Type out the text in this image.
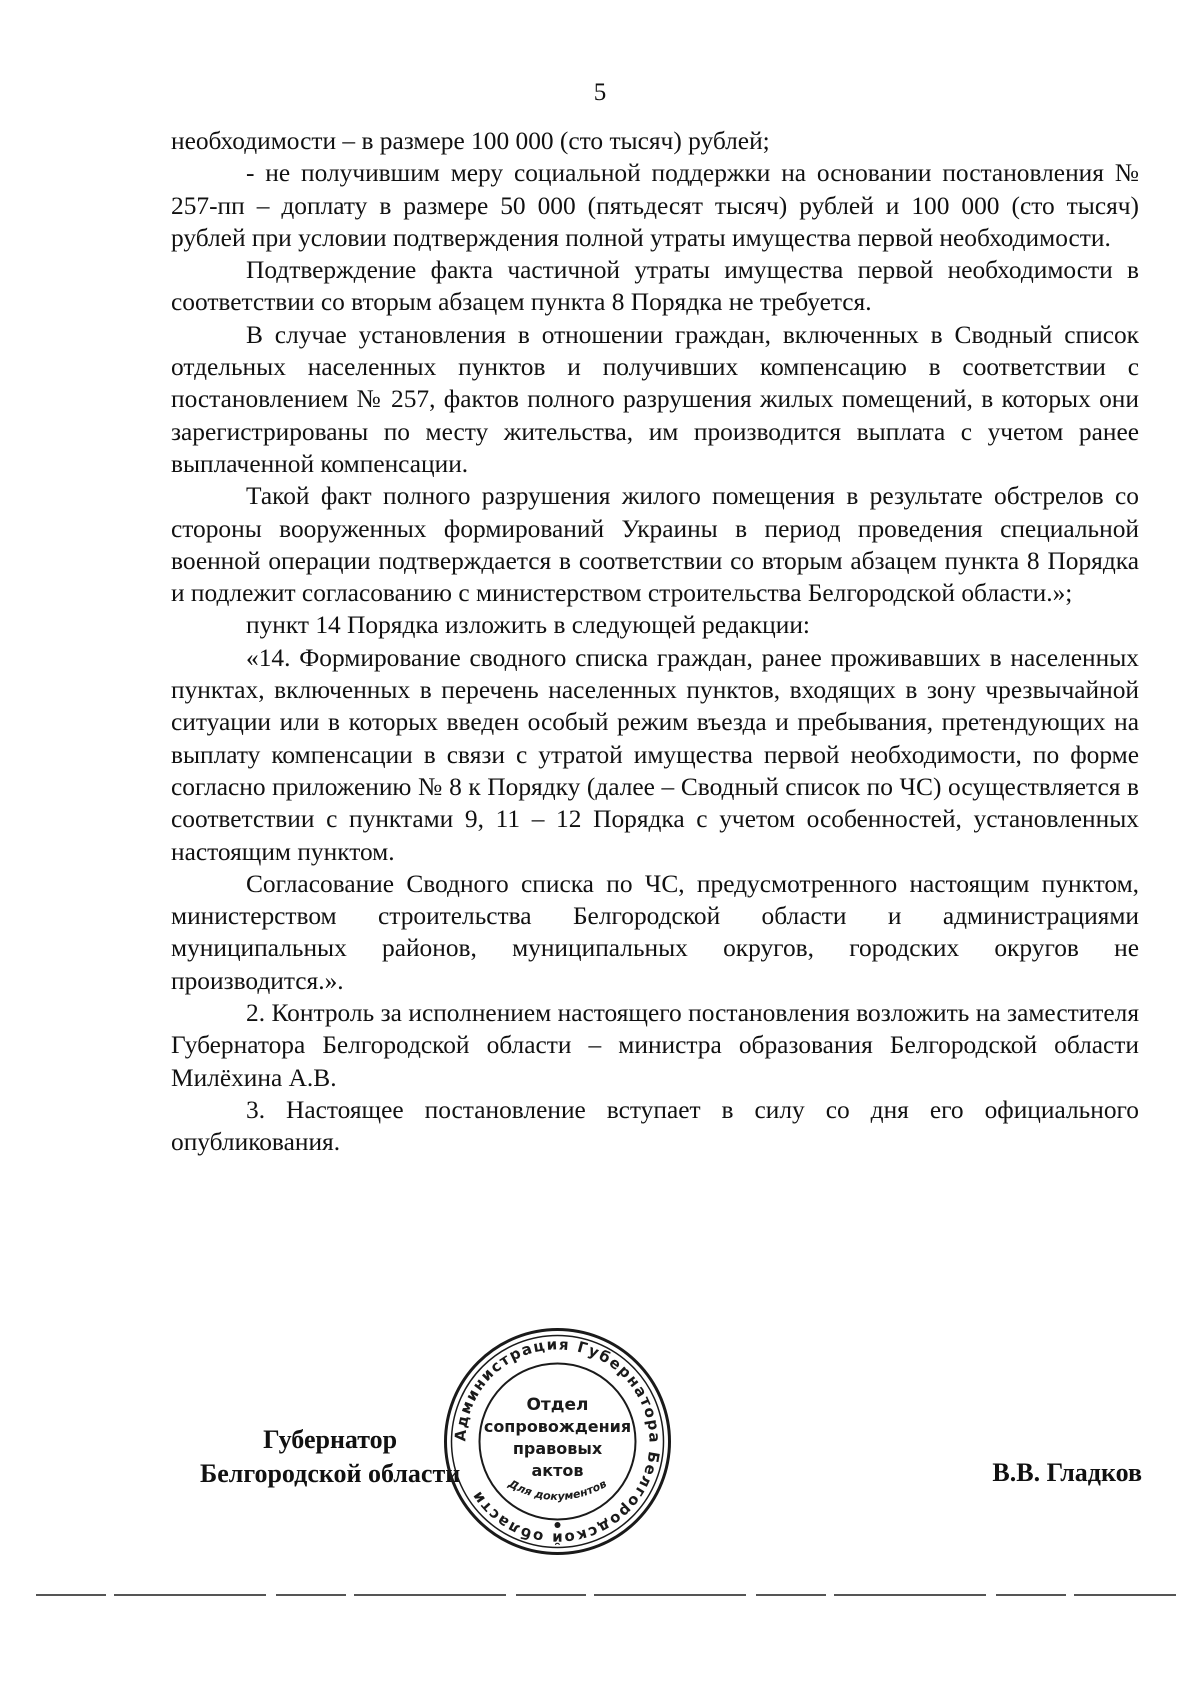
5

необходимости – в размере 100 000 (сто тысяч) рублей;

- не получившим меру социальной поддержки на основании постановления № 257-пп – доплату в размере 50 000 (пятьдесят тысяч) рублей и 100 000 (сто тысяч) рублей при условии подтверждения полной утраты имущества первой необходимости.

Подтверждение факта частичной утраты имущества первой необходимости в соответствии со вторым абзацем пункта 8 Порядка не требуется.

В случае установления в отношении граждан, включенных в Сводный список отдельных населенных пунктов и получивших компенсацию в соответствии с постановлением № 257, фактов полного разрушения жилых помещений, в которых они зарегистрированы по месту жительства, им производится выплата с учетом ранее выплаченной компенсации.

Такой факт полного разрушения жилого помещения в результате обстрелов со стороны вооруженных формирований Украины в период проведения специальной военной операции подтверждается в соответствии со вторым абзацем пункта 8 Порядка и подлежит согласованию с министерством строительства Белгородской области.»;

пункт 14 Порядка изложить в следующей редакции:

«14. Формирование сводного списка граждан, ранее проживавших в населенных пунктах, включенных в перечень населенных пунктов, входящих в зону чрезвычайной ситуации или в которых введен особый режим въезда и пребывания, претендующих на выплату компенсации в связи с утратой имущества первой необходимости, по форме согласно приложению № 8 к Порядку (далее – Сводный список по ЧС) осуществляется в соответствии с пунктами 9, 11 – 12 Порядка с учетом особенностей, установленных настоящим пунктом.

Согласование Сводного списка по ЧС, предусмотренного настоящим пунктом, министерством строительства Белгородской области и администрациями муниципальных районов, муниципальных округов, городских округов не производится.».

2. Контроль за исполнением настоящего постановления возложить на заместителя Губернатора Белгородской области – министра образования Белгородской области Милёхина А.В.

3. Настоящее постановление вступает в силу со дня его официального опубликования.

Губернатор
Белгородской области	В.В. Гладков
Администрация Губернатора Белгородской области
Отдел
сопровождения
правовых
актов
Для документов
